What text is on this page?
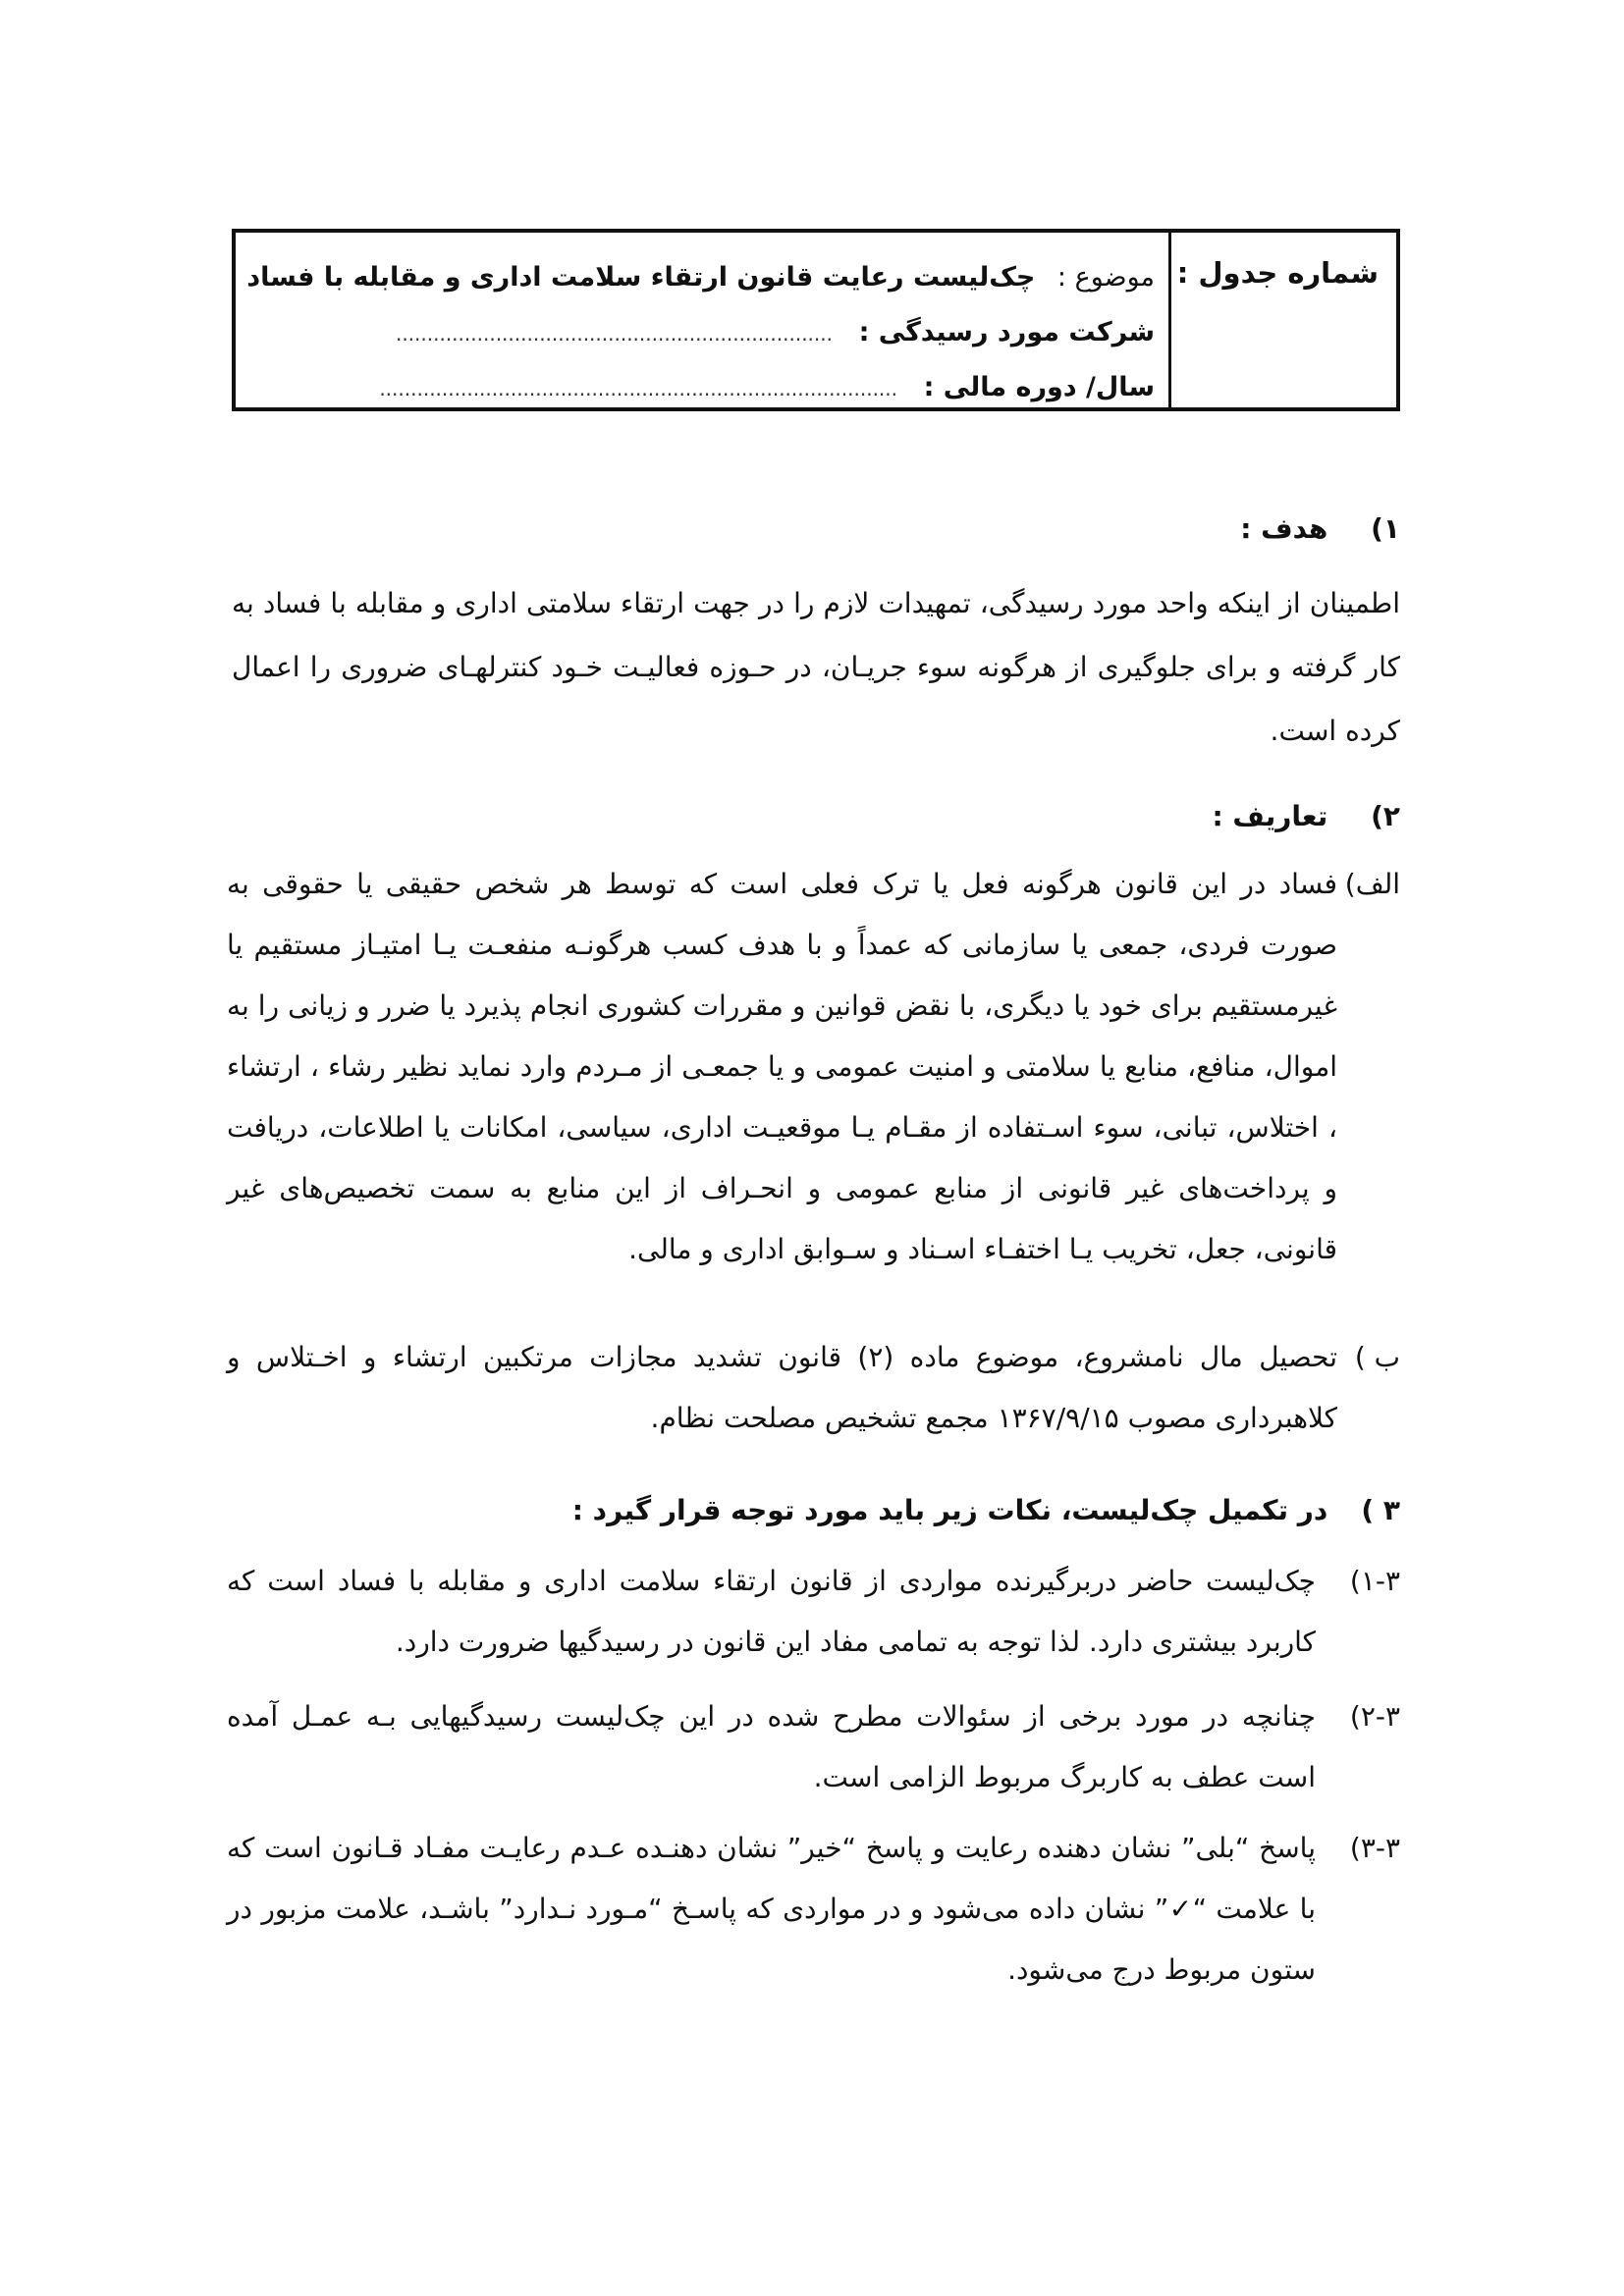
شماره جدول :
موضوع : چک‌لیست رعایت قانون ارتقاء سلامت اداری و مقابله با فساد
شرکت مورد رسیدگی : ......................................................................
سال/ دوره مالی : ...................................................................................
۱) هدف :
اطمینان از اینکه واحد مورد رسیدگی، تمهیدات لازم را در جهت ارتقاء سلامتی اداری و مقابله با فساد به کار گرفته و برای جلوگیری از هرگونه سوء جریـان، در حـوزه فعالیـت خـود کنترلهـای ضروری را اعمال کرده است.
۲) تعاریف :
الف)
فساد در این قانون هرگونه فعل یا ترک فعلی است که توسط هر شخص حقیقی یا حقوقی به صورت فردی، جمعی یا سازمانی که عمداً و با هدف کسب هرگونـه منفعـت یـا امتیـاز مستقیم یا غیرمستقیم برای خود یا دیگری، با نقض قوانین و مقررات کشوری انجام پذیرد یا ضرر و زیانی را به اموال، منافع، منابع یا سلامتی و امنیت عمومی و یا جمعـی از مـردم وارد نماید نظیر رشاء ، ارتشاء ، اختلاس، تبانی، سوء اسـتفاده از مقـام یـا موقعیـت اداری، سیاسی، امکانات یا اطلاعات، دریافت و پرداخت‌های غیر قانونی از منابع عمومی و انحـراف از این منابع به سمت تخصیص‌های غیر قانونی، جعل، تخریب یـا اختفـاء اسـناد و سـوابق اداری و مالی.
ب )
تحصیل مال نامشروع، موضوع ماده (۲) قانون تشدید مجازات مرتکبین ارتشاء و اخـتلاس و کلاهبرداری مصوب ۱۳۶۷/۹/۱۵ مجمع تشخیص مصلحت نظام.
۳ ) در تکمیل چک‌لیست، نکات زیر باید مورد توجه قرار گیرد :
۱-۳)
چک‌لیست حاضر دربرگیرنده مواردی از قانون ارتقاء سلامت اداری و مقابله با فساد است که کاربرد بیشتری دارد. لذا توجه به تمامی مفاد این قانون در رسیدگیها ضرورت دارد.
۲-۳)
چنانچه در مورد برخی از سئوالات مطرح شده در این چک‌لیست رسیدگیهایی بـه عمـل آمده است عطف به کاربرگ مربوط الزامی است.
۳-۳)
پاسخ “بلی” نشان دهنده رعایت و پاسخ “خیر” نشان دهنـده عـدم رعایـت مفـاد قـانون است که با علامت “✓” نشان داده می‌شود و در مواردی که پاسـخ “مـورد نـدارد” باشـد، علامت مزبور در ستون مربوط درج می‌شود.
